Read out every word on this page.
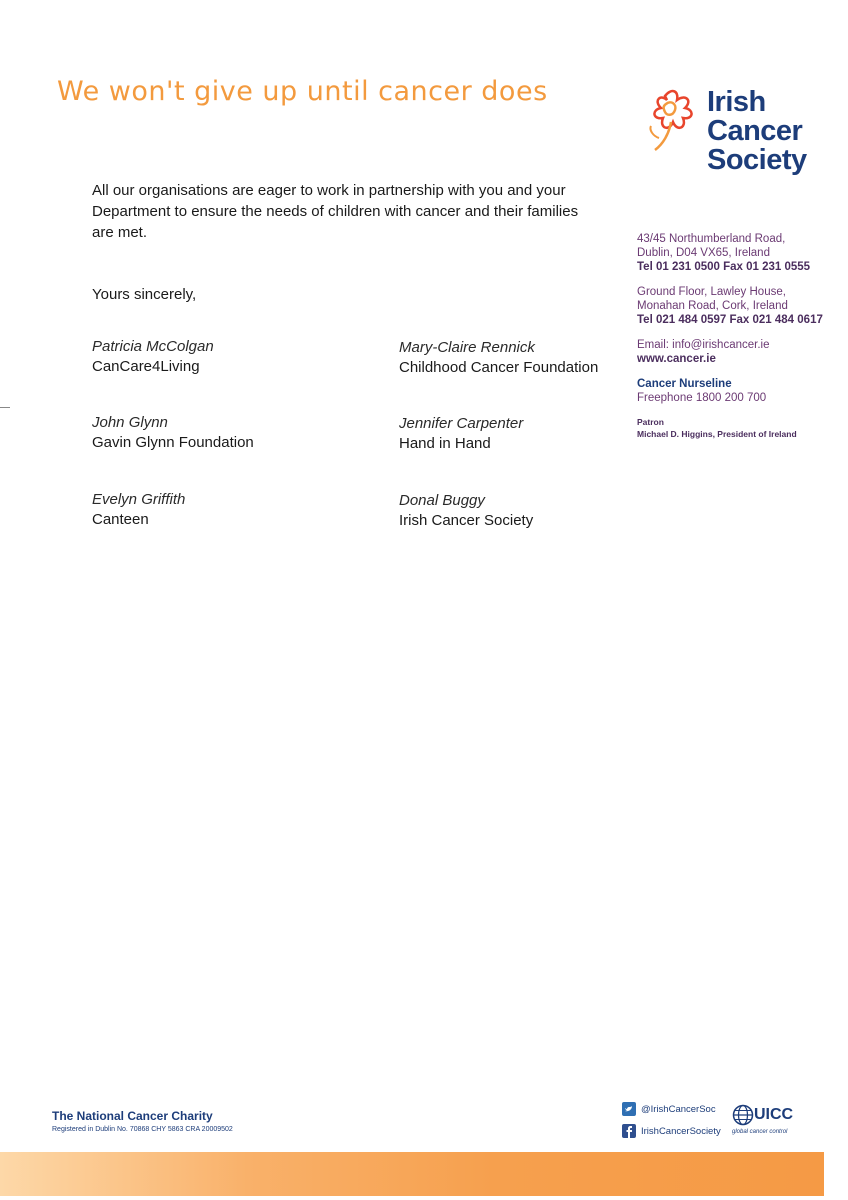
We won't give up until cancer does	Irish
Cancer
Society
43/45 Northumberland Road,
Dublin, D04 VX65, Ireland
Tel 01 231 0500 Fax 01 231 0555
Ground Floor, Lawley House,
Monahan Road, Cork, Ireland
Tel 021 484 0597 Fax 021 484 0617
Email: info@irishcancer.ie
www.cancer.ie
Cancer Nurseline
Freephone 1800 200 700
Patron
Michael D. Higgins, President of Ireland
All our organisations are eager to work in partnership with you and your Department to ensure the needs of children with cancer and their families are met.
Yours sincerely,
Patricia McColgan
CanCare4Living
Mary-Claire Rennick
Childhood Cancer Foundation
John Glynn
Gavin Glynn Foundation
Jennifer Carpenter
Hand in Hand
Evelyn Griffith
Canteen
Donal Buggy
Irish Cancer Society
The National Cancer Charity
Registered in Dublin No. 70868 CHY 5863 CRA 20009502
@IrishCancerSoc
IrishCancerSociety
UICC
global cancer control
